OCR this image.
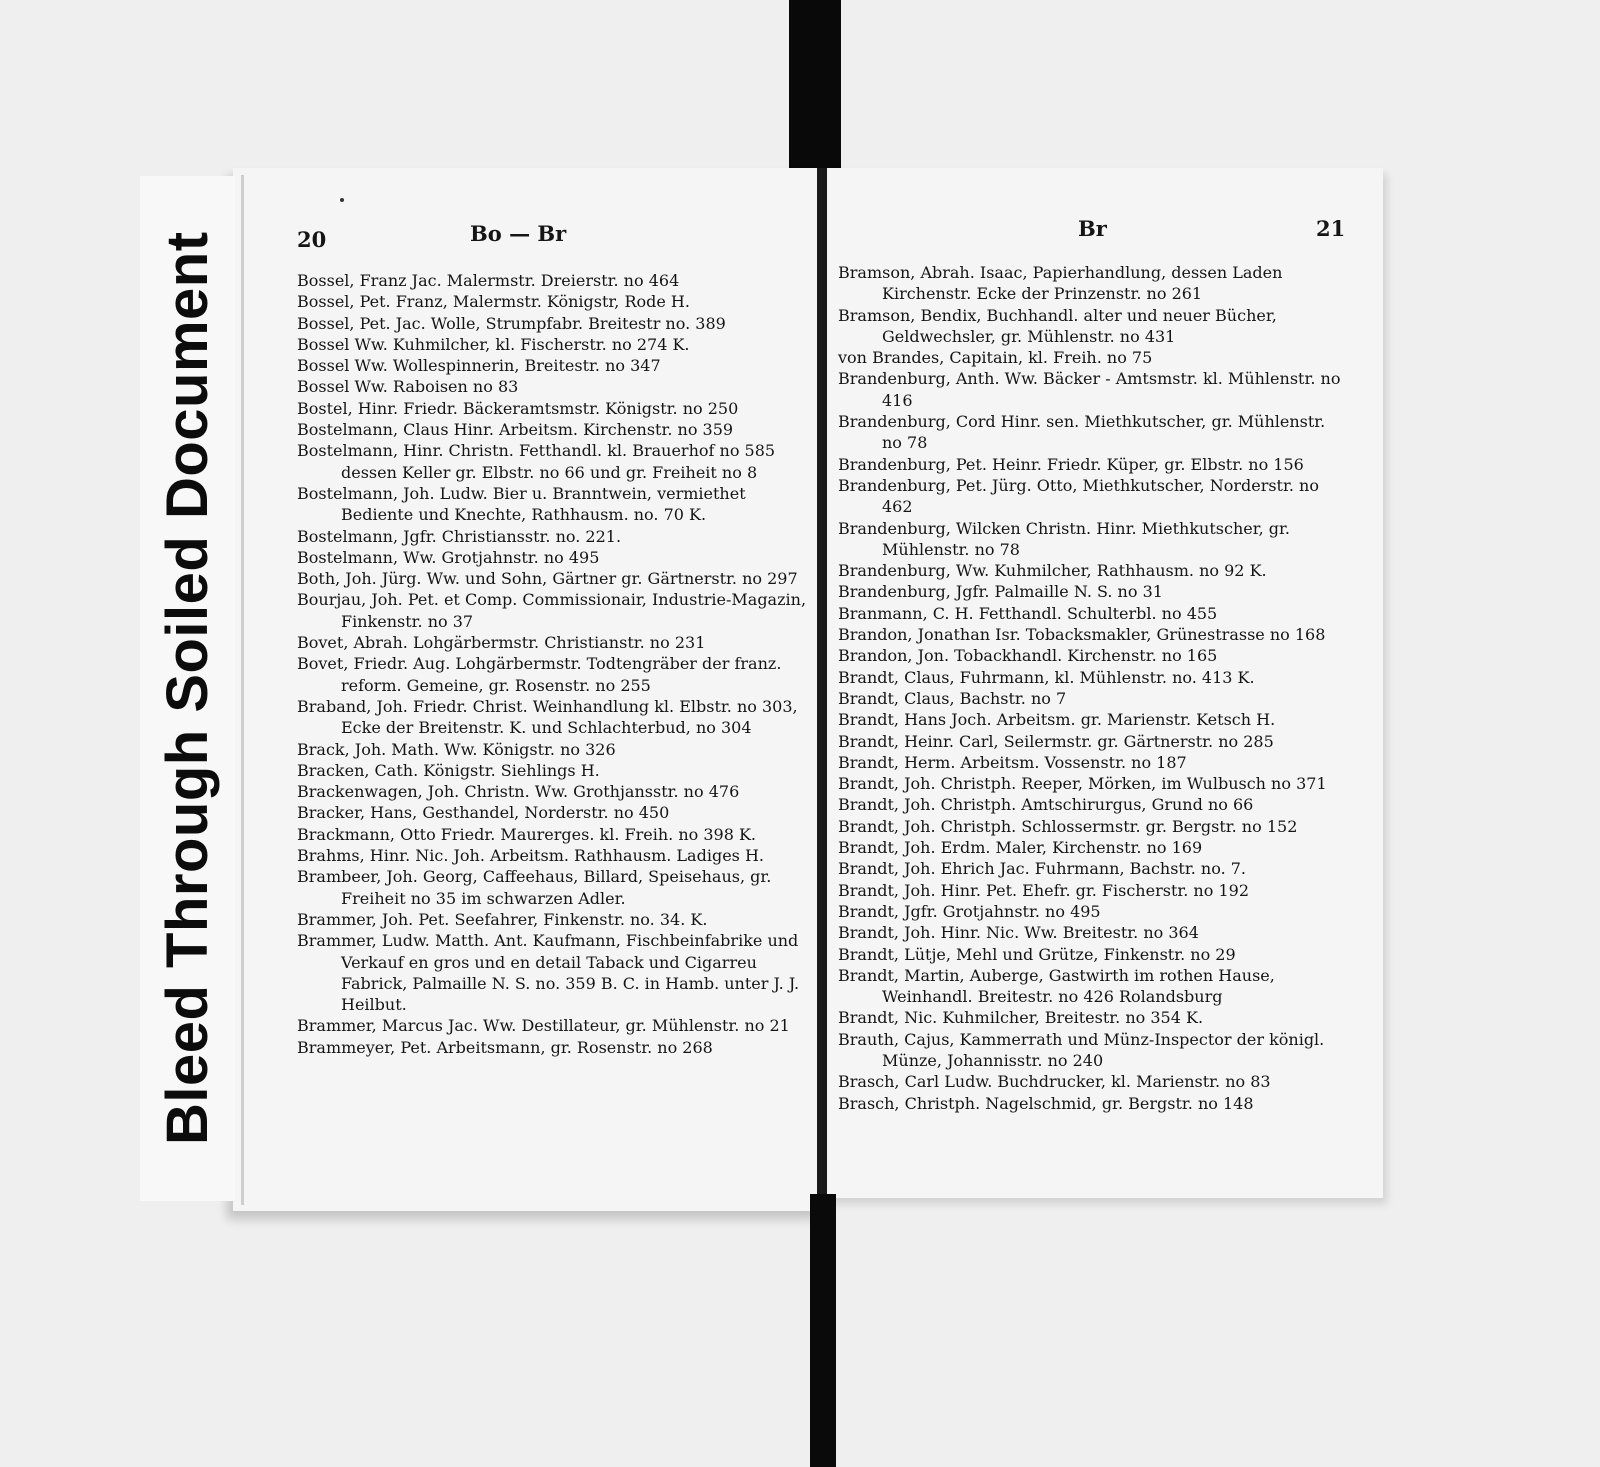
Bleed Through Soiled Document	20	Bo — Br	Br	21
Bossel, Franz Jac. Malermstr. Dreierstr. no 464
Bossel, Pet. Franz, Malermstr. Königstr, Rode H.
Bossel, Pet. Jac. Wolle, Strumpfabr. Breitestr no. 389
Bossel Ww. Kuhmilcher, kl. Fischerstr. no 274 K.
Bossel Ww. Wollespinnerin, Breitestr. no 347
Bossel Ww. Raboisen no 83
Bostel, Hinr. Friedr. Bäckeramtsmstr. Königstr. no 250
Bostelmann, Claus Hinr. Arbeitsm. Kirchenstr. no 359
Bostelmann, Hinr. Christn. Fetthandl. kl. Brauerhof no 585 dessen Keller gr. Elbstr. no 66 und gr. Freiheit no 8
Bostelmann, Joh. Ludw. Bier u. Branntwein, vermiethet Bediente und Knechte, Rathhausm. no. 70 K.
Bostelmann, Jgfr. Christiansstr. no. 221.
Bostelmann, Ww. Grotjahnstr. no 495
Both, Joh. Jürg. Ww. und Sohn, Gärtner gr. Gärtnerstr. no 297
Bourjau, Joh. Pet. et Comp. Commissionair, Industrie-Magazin, Finkenstr. no 37
Bovet, Abrah. Lohgärbermstr. Christianstr. no 231
Bovet, Friedr. Aug. Lohgärbermstr. Todtengräber der franz. reform. Gemeine, gr. Rosenstr. no 255
Braband, Joh. Friedr. Christ. Weinhandlung kl. Elbstr. no 303, Ecke der Breitenstr. K. und Schlachterbud, no 304
Brack, Joh. Math. Ww. Königstr. no 326
Bracken, Cath. Königstr. Siehlings H.
Brackenwagen, Joh. Christn. Ww. Grothjansstr. no 476
Bracker, Hans, Gesthandel, Norderstr. no 450
Brackmann, Otto Friedr. Maurerges. kl. Freih. no 398 K.
Brahms, Hinr. Nic. Joh. Arbeitsm. Rathhausm. Ladiges H.
Brambeer, Joh. Georg, Caffeehaus, Billard, Speisehaus, gr. Freiheit no 35 im schwarzen Adler.
Brammer, Joh. Pet. Seefahrer, Finkenstr. no. 34. K.
Brammer, Ludw. Matth. Ant. Kaufmann, Fischbeinfabrike und Verkauf en gros und en detail Taback und Cigarreu Fabrick, Palmaille N. S. no. 359 B. C. in Hamb. unter J. J. Heilbut.
Brammer, Marcus Jac. Ww. Destillateur, gr. Mühlenstr. no 21
Brammeyer, Pet. Arbeitsmann, gr. Rosenstr. no 268
Bramson, Abrah. Isaac, Papierhandlung, dessen Laden Kirchenstr. Ecke der Prinzenstr. no 261
Bramson, Bendix, Buchhandl. alter und neuer Bücher, Geldwechsler, gr. Mühlenstr. no 431
von Brandes, Capitain, kl. Freih. no 75
Brandenburg, Anth. Ww. Bäcker - Amtsmstr. kl. Mühlenstr. no 416
Brandenburg, Cord Hinr. sen. Miethkutscher, gr. Mühlenstr. no 78
Brandenburg, Pet. Heinr. Friedr. Küper, gr. Elbstr. no 156
Brandenburg, Pet. Jürg. Otto, Miethkutscher, Norderstr. no 462
Brandenburg, Wilcken Christn. Hinr. Miethkutscher, gr. Mühlenstr. no 78
Brandenburg, Ww. Kuhmilcher, Rathhausm. no 92 K.
Brandenburg, Jgfr. Palmaille N. S. no 31
Branmann, C. H. Fetthandl. Schulterbl. no 455
Brandon, Jonathan Isr. Tobacksmakler, Grünestrasse no 168
Brandon, Jon. Tobackhandl. Kirchenstr. no 165
Brandt, Claus, Fuhrmann, kl. Mühlenstr. no. 413 K.
Brandt, Claus, Bachstr. no 7
Brandt, Hans Joch. Arbeitsm. gr. Marienstr. Ketsch H.
Brandt, Heinr. Carl, Seilermstr. gr. Gärtnerstr. no 285
Brandt, Herm. Arbeitsm. Vossenstr. no 187
Brandt, Joh. Christph. Reeper, Mörken, im Wulbusch no 371
Brandt, Joh. Christph. Amtschirurgus, Grund no 66
Brandt, Joh. Christph. Schlossermstr. gr. Bergstr. no 152
Brandt, Joh. Erdm. Maler, Kirchenstr. no 169
Brandt, Joh. Ehrich Jac. Fuhrmann, Bachstr. no. 7.
Brandt, Joh. Hinr. Pet. Ehefr. gr. Fischerstr. no 192
Brandt, Jgfr. Grotjahnstr. no 495
Brandt, Joh. Hinr. Nic. Ww. Breitestr. no 364
Brandt, Lütje, Mehl und Grütze, Finkenstr. no 29
Brandt, Martin, Auberge, Gastwirth im rothen Hause, Weinhandl. Breitestr. no 426 Rolandsburg
Brandt, Nic. Kuhmilcher, Breitestr. no 354 K.
Brauth, Cajus, Kammerrath und Münz-Inspector der königl. Münze, Johannisstr. no 240
Brasch, Carl Ludw. Buchdrucker, kl. Marienstr. no 83
Brasch, Christph. Nagelschmid, gr. Bergstr. no 148
